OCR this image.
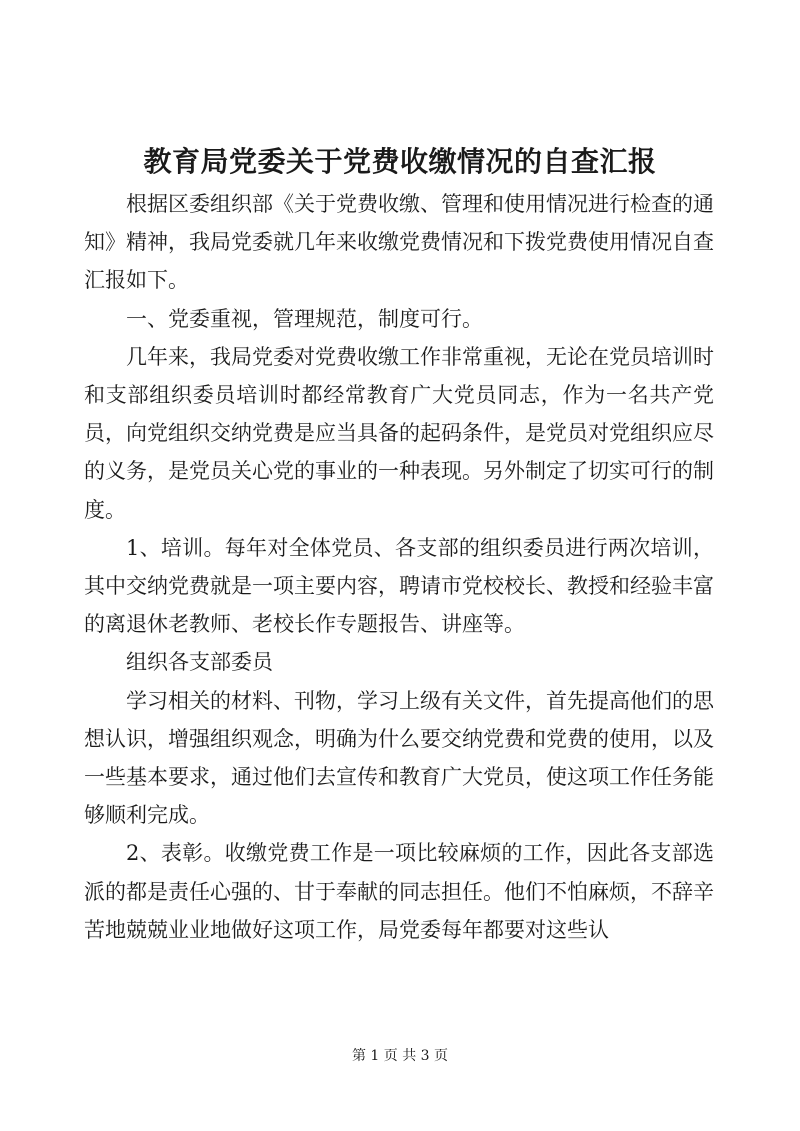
教育局党委关于党费收缴情况的自查汇报

根据区委组织部《关于党费收缴、管理和使用情况进行检查的通知》精神，我局党委就几年来收缴党费情况和下拨党费使用情况自查汇报如下。

一、党委重视，管理规范，制度可行。

几年来，我局党委对党费收缴工作非常重视，无论在党员培训时和支部组织委员培训时都经常教育广大党员同志，作为一名共产党员，向党组织交纳党费是应当具备的起码条件，是党员对党组织应尽的义务，是党员关心党的事业的一种表现。另外制定了切实可行的制度。

1、培训。每年对全体党员、各支部的组织委员进行两次培训，其中交纳党费就是一项主要内容，聘请市党校校长、教授和经验丰富的离退休老教师、老校长作专题报告、讲座等。

组织各支部委员

学习相关的材料、刊物，学习上级有关文件，首先提高他们的思想认识，增强组织观念，明确为什么要交纳党费和党费的使用，以及一些基本要求，通过他们去宣传和教育广大党员，使这项工作任务能够顺利完成。

2、表彰。收缴党费工作是一项比较麻烦的工作，因此各支部选派的都是责任心强的、甘于奉献的同志担任。他们不怕麻烦，不辞辛苦地兢兢业业地做好这项工作，局党委每年都要对这些认

第 1 页 共 3 页
